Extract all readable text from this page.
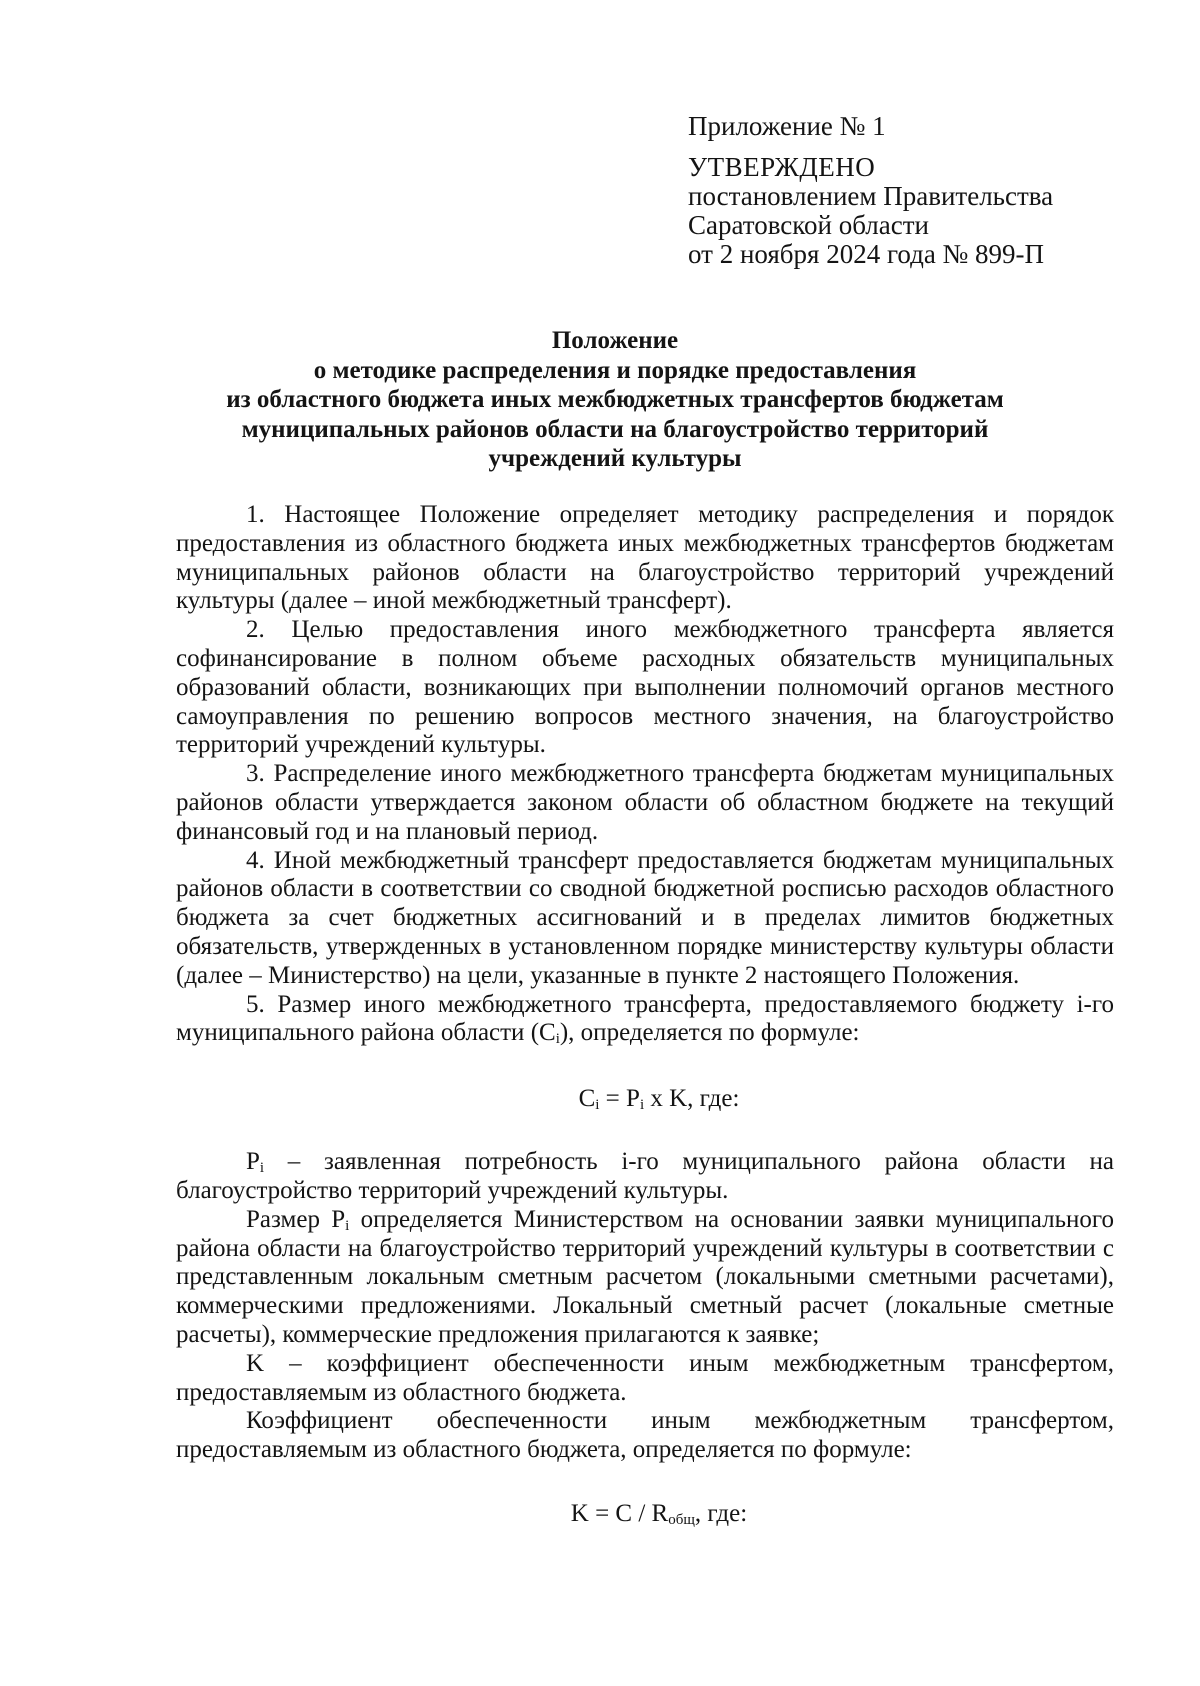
Приложение № 1
УТВЕРЖДЕНО
постановлением Правительства
Саратовской области
от 2 ноября 2024 года № 899-П
Положение
о методике распределения и порядке предоставления
из областного бюджета иных межбюджетных трансфертов бюджетам
муниципальных районов области на благоустройство территорий
учреждений культуры

1. Настоящее Положение определяет методику распределения и порядок предоставления из областного бюджета иных межбюджетных трансфертов бюджетам муниципальных районов области на благоустройство территорий учреждений культуры (далее – иной межбюджетный трансферт).

2. Целью предоставления иного межбюджетного трансферта является софинансирование в полном объеме расходных обязательств муниципальных образований области, возникающих при выполнении полномочий органов местного самоуправления по решению вопросов местного значения, на благоустройство территорий учреждений культуры.

3. Распределение иного межбюджетного трансферта бюджетам муниципальных районов области утверждается законом области об областном бюджете на текущий финансовый год и на плановый период.

4. Иной межбюджетный трансферт предоставляется бюджетам муниципальных районов области в соответствии со сводной бюджетной росписью расходов областного бюджета за счет бюджетных ассигнований и в пределах лимитов бюджетных обязательств, утвержденных в установленном порядке министерству культуры области (далее – Министерство) на цели, указанные в пункте 2 настоящего Положения.

5. Размер иного межбюджетного трансферта, предоставляемого бюджету i-го муниципального района области $(C_i)$, определяется по формуле:

$C_i = P_i$ x K, где:

$P_i$ – заявленная потребность i-го муниципального района области на благоустройство территорий учреждений культуры.

Размер $P_i$ определяется Министерством на основании заявки муниципального района области на благоустройство территорий учреждений культуры в соответствии с представленным локальным сметным расчетом (локальными сметными расчетами), коммерческими предложениями. Локальный сметный расчет (локальные сметные расчеты), коммерческие предложения прилагаются к заявке;

K – коэффициент обеспеченности иным межбюджетным трансфертом, предоставляемым из областного бюджета.

Коэффициент обеспеченности иным межбюджетным трансфертом, предоставляемым из областного бюджета, определяется по формуле:

$K = C / R_{общ}$, где:
